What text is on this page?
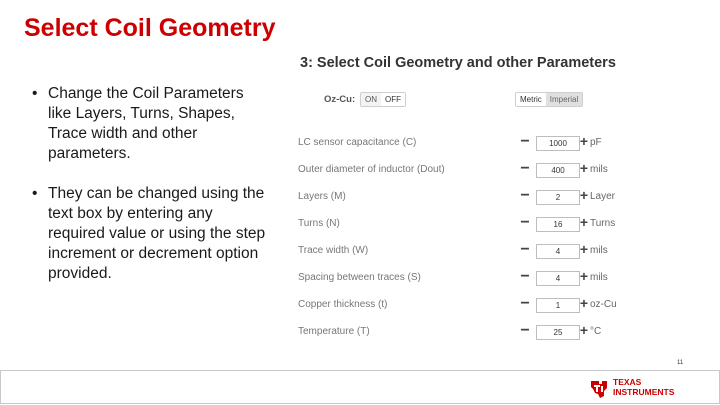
Select Coil Geometry
• Change the Coil Parameters
like Layers, Turns, Shapes,
Trace width and other
parameters.
• They can be changed using the
text box by entering any
required value or using the step
increment or decrement option
provided.
3: Select Coil Geometry and other Parameters
Oz-Cu:	ON	OFF	Metric	Imperial
LC sensor capacitance (C)	−	1000 + pF
Outer diameter of inductor (Dout)	−	400	+ mils
Layers (M)	−	2	+ Layer
Turns (N)	−	16	+ Turns
Trace width (W)	−	4	+ mils
Spacing between traces (S)	−	4	+ mils
Copper thickness (t)	−	1	+ oz-Cu
Temperature (T)	−	25	+ °C
11
TEXAS
INSTRUMENTS
